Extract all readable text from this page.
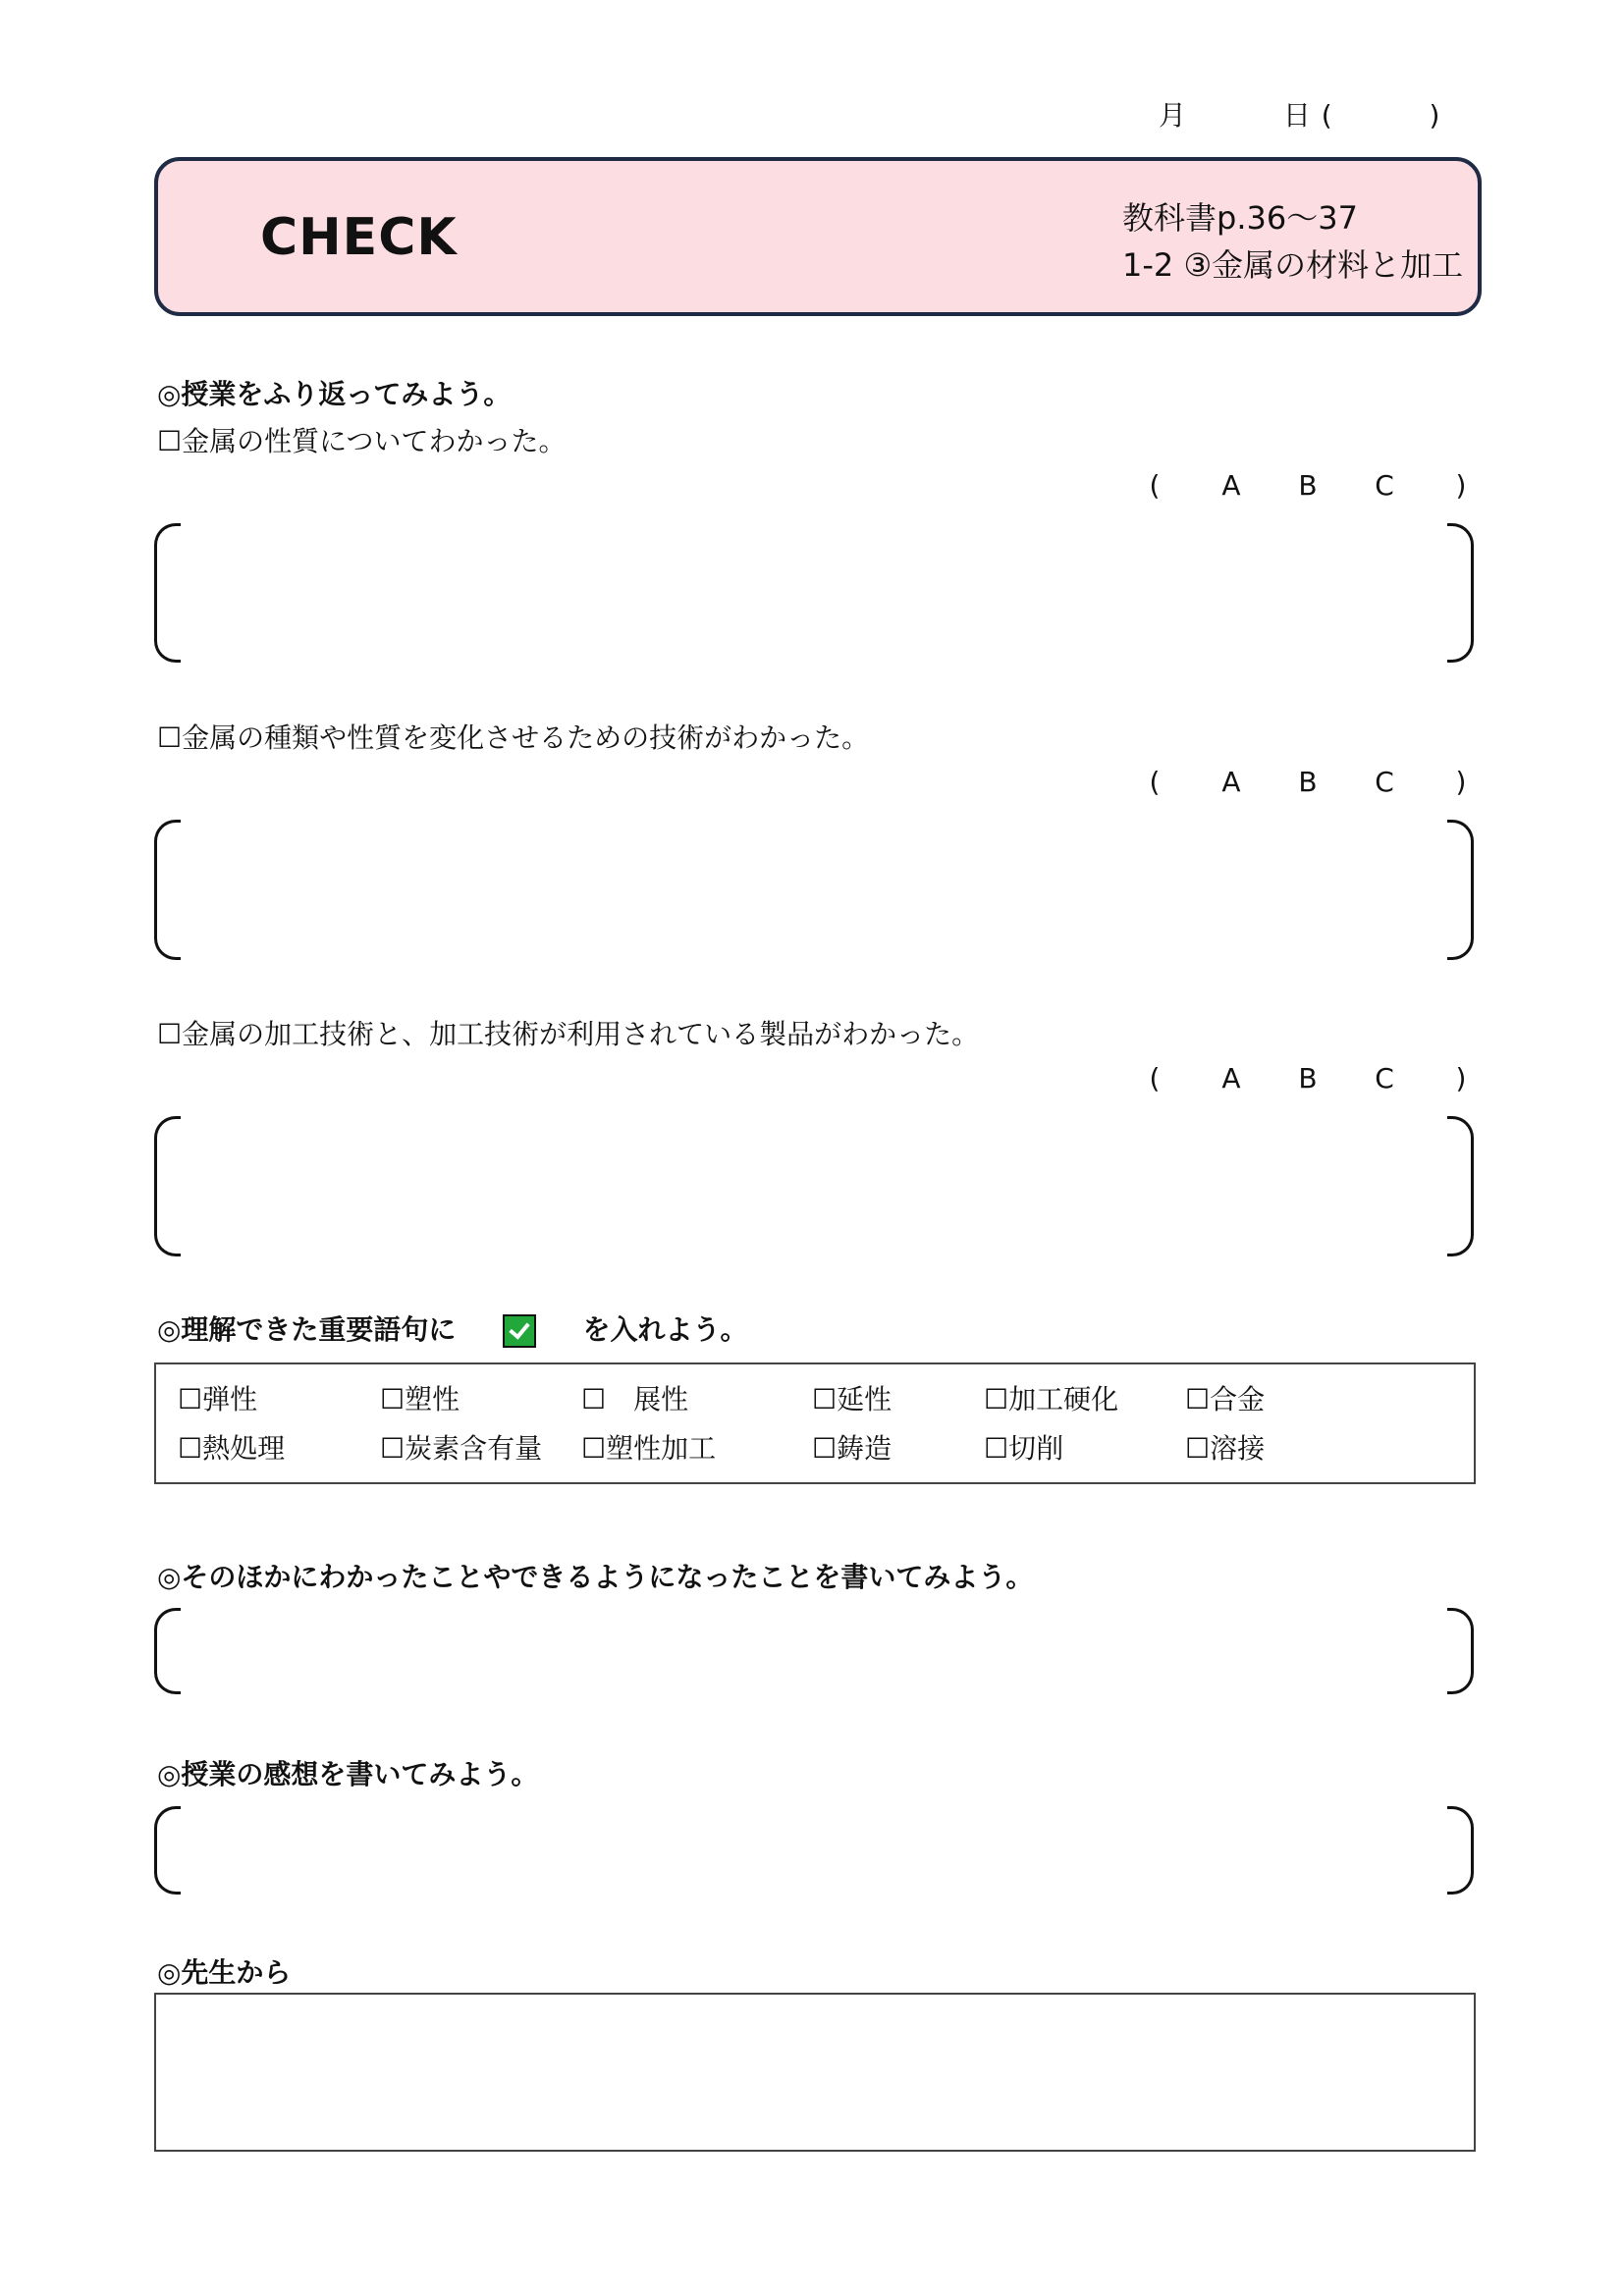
月	日 (	)
CHECK	教科書p.36〜37
1-2 ③金属の材料と加工
◎授業をふり返ってみよう。
☐金属の性質についてわかった。
(	A	B	C	)
☐金属の種類や性質を変化させるための技術がわかった。
(	A	B	C	)
☐金属の加工技術と、加工技術が利用されている製品がわかった。
(	A	B	C	)
◎理解できた重要語句に	を入れよう。
☐弾性	☐塑性	☐　展性	☐延性	☐加工硬化 ☐合金
☐熱処理	☐炭素含有量 ☐塑性加工	☐鋳造	☐切削	☐溶接
◎そのほかにわかったことやできるようになったことを書いてみよう。
◎授業の感想を書いてみよう。
◎先生から
